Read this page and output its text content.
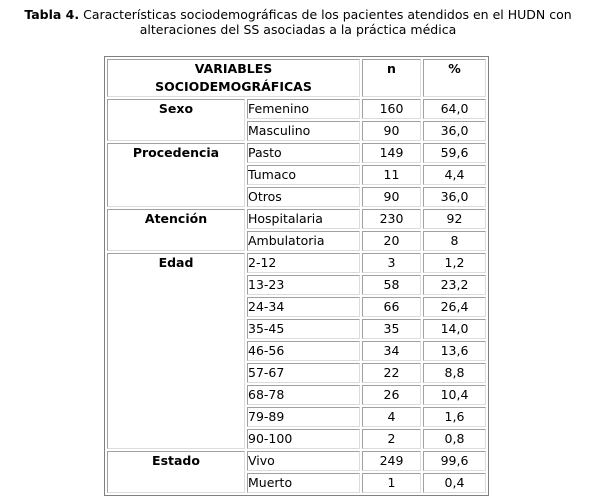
Tabla 4. Características sociodemográficas de los pacientes atendidos en el HUDN con
alteraciones del SS asociadas a la práctica médica
VARIABLES
SOCIODEMOGRÁFICAS		n	%
Sexo	Femenino	160	64,0
	Masculino	90	36,0
Procedencia	Pasto	149	59,6
	Tumaco	11	4,4
	Otros	90	36,0
Atención	Hospitalaria	230	92
	Ambulatoria	20	8
Edad	2-12	3	1,2
	13-23	58	23,2
	24-34	66	26,4
	35-45	35	14,0
	46-56	34	13,6
	57-67	22	8,8
	68-78	26	10,4
	79-89	4	1,6
	90-100	2	0,8
Estado	Vivo	249	99,6
	Muerto	1	0,4
